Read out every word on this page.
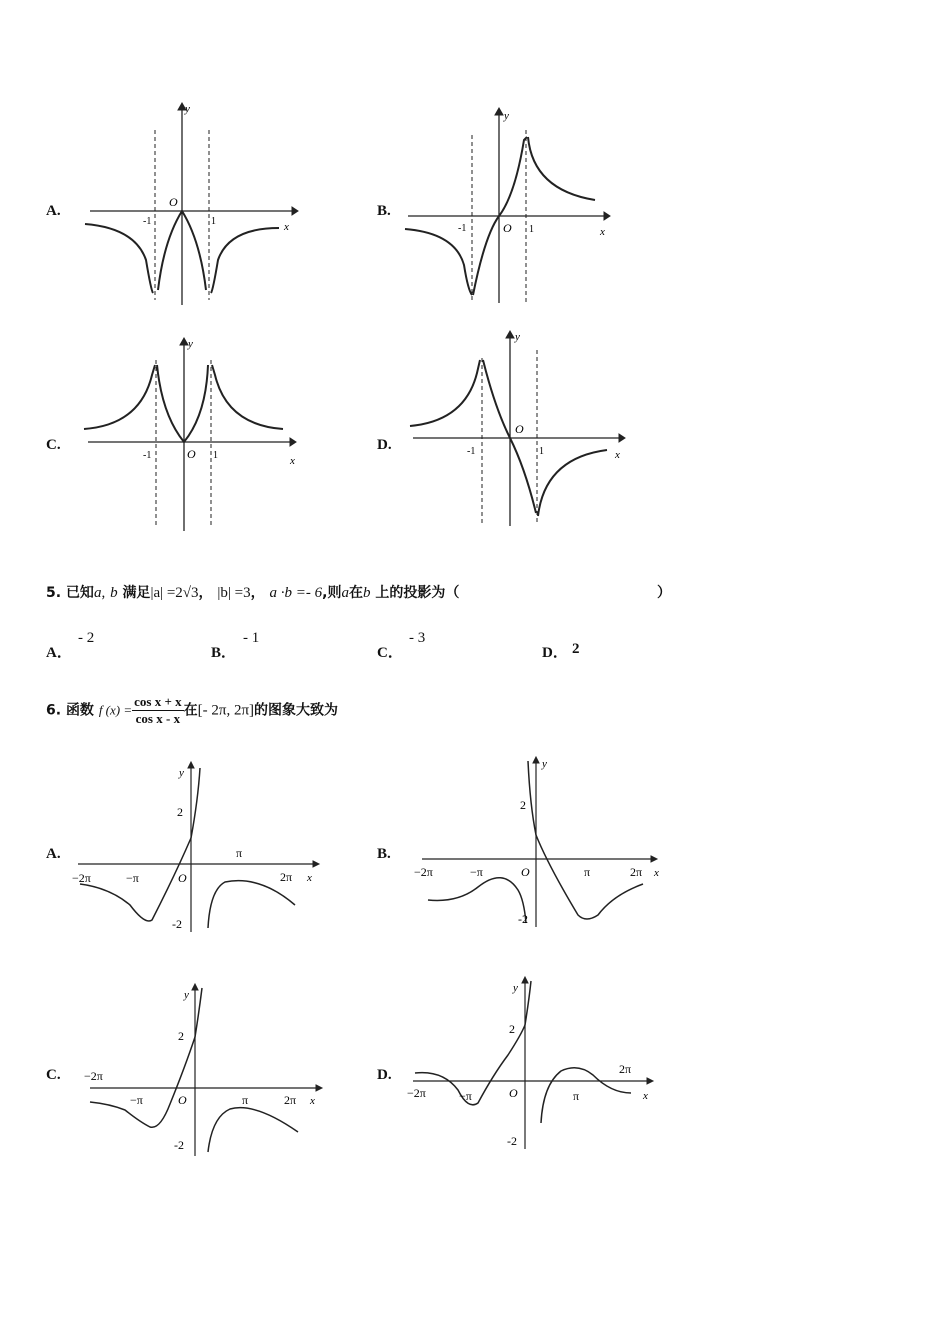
A.
y
O
-1	1	x
B.
y
O
-1	1	x
C.
y
O
-1	1	x
D.
y
O
-1	1	x
5. 已知a, b 满足|a| =2√3， |b| =3， a ·b =- 6,则a在b 上的投影为（	）
A．
- 2
B．
- 1
C．
- 3
D． 2
6. 函数 f $(x) = \frac{\text{cos x + x}}{\text{cos x - x}}$ 在[- 2π, 2π]的图象大致为
A.
y
2
-2
O
π
−π	2π
−2π	x
B.
y
2
-2
O	π
−π	2π
−2π	x
C.
y
2
-2
O	π
−π	2π
−2π
x
D.
y
2
-2
O	π
−π
2π
−2π	x
